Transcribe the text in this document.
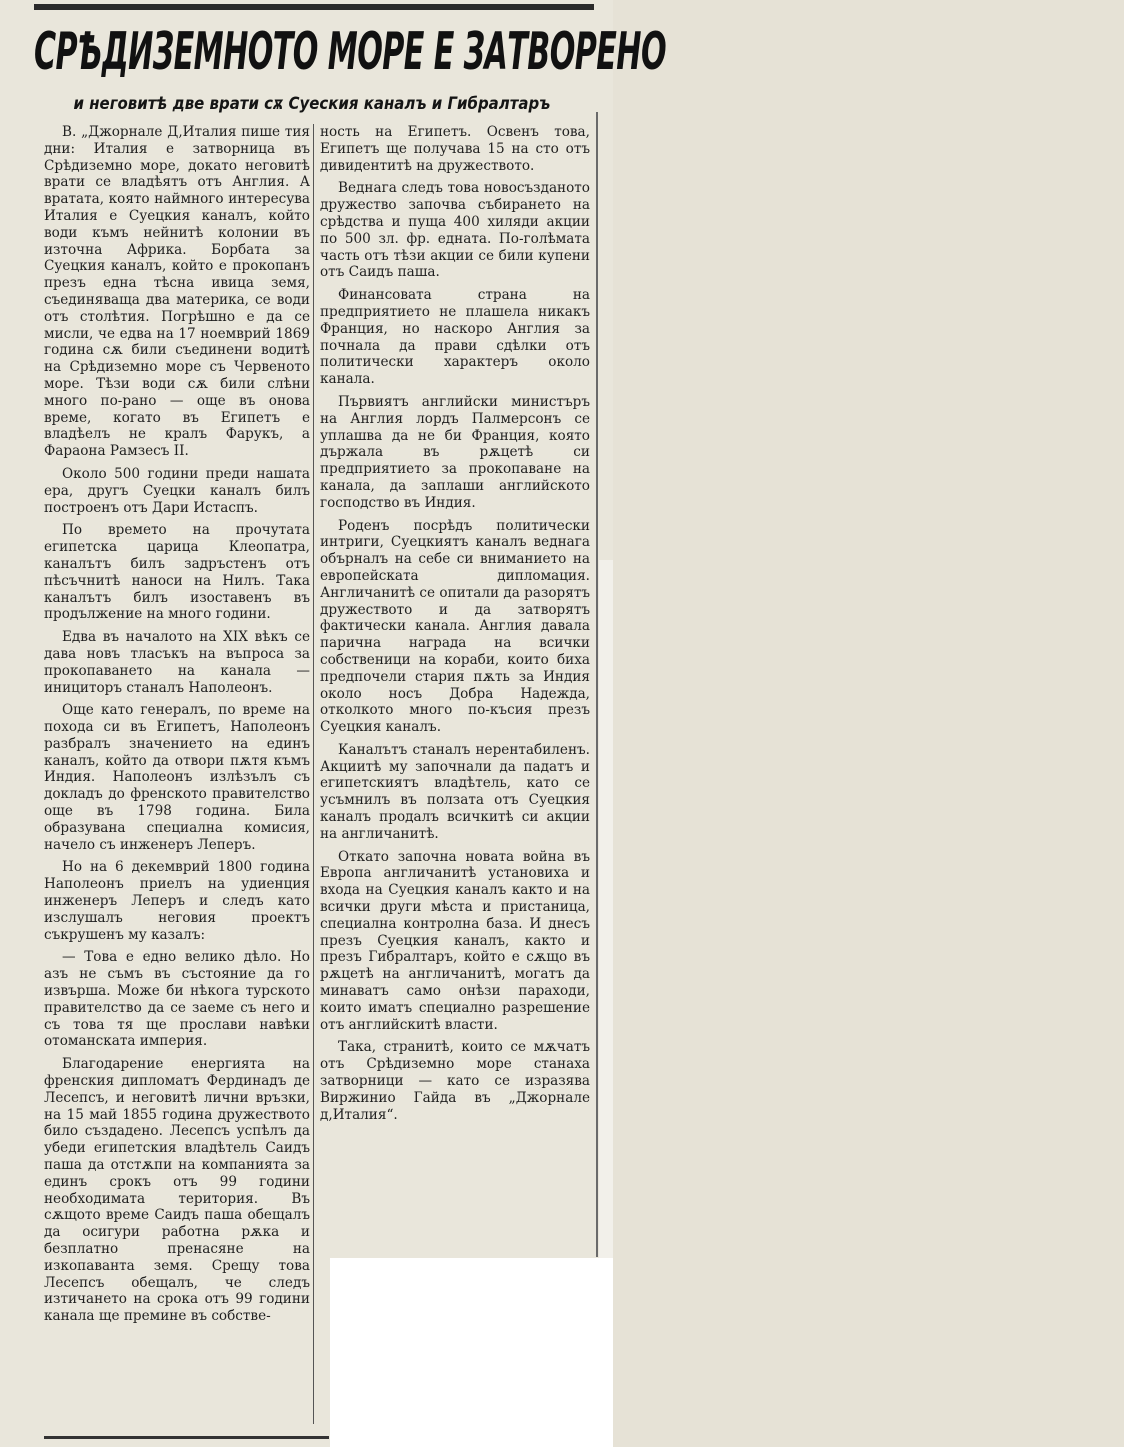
СРѢДИЗЕМНОТО МОРЕ Е ЗАТВОРЕНО
и неговитѣ две врати сѫ Суеския каналъ и Гибралтаръ

В. „Джорнале Д,Италия пише тия дни: Италия е затворница въ Срѣдиземно море, докато неговитѣ врати се владѣятъ отъ Англия. А вратата, която наймного интересува Италия е Суецкия каналъ, който води къмъ нейнитѣ колонии въ източна Африка. Борбата за Суецкия каналъ, който е прокопанъ презъ една тѣсна ивица земя, съединяваща два материка, се води отъ столѣтия. Погрѣшно е да се мисли, че едва на 17 ноемврий 1869 година сѫ били съединени водитѣ на Срѣдиземно море съ Червеното море. Тѣзи води сѫ били слѣни много по-рано — още въ онова време, когато въ Египетъ е владѣелъ не кралъ Фарукъ, а Фараона Рамзесъ II.

Около 500 години преди нашата ера, другъ Суецки каналъ билъ построенъ отъ Дари Истаспъ.

По времето на прочутата египетска царица Клеопатра, каналътъ билъ задръстенъ отъ пѣсъчнитѣ наноси на Нилъ. Така каналътъ билъ изоставенъ въ продължение на много години.

Едва въ началото на XIX вѣкъ се дава новъ тласъкъ на въпроса за прокопаването на канала — инициторъ станалъ Наполеонъ.

Още като генералъ, по време на похода си въ Египетъ, Наполеонъ разбралъ значението на единъ каналъ, който да отвори пѫтя къмъ Индия. Наполеонъ излѣзълъ съ докладъ до френското правителство още въ 1798 година. Била образувана специална комисия, начело съ инженеръ Леперъ.

Но на 6 декемврий 1800 година Наполеонъ приелъ на удиенция инженеръ Леперъ и следъ като изслушалъ неговия проектъ съкрушенъ му казалъ:

— Това е едно велико дѣло. Но азъ не съмъ въ състояние да го извърша. Може би нѣкога турското правителство да се заеме съ него и съ това тя ще прослави навѣки отоманската империя.

Благодарение енергията на френския дипломатъ Фердинадъ де Лесепсъ, и неговитѣ лични връзки, на 15 май 1855 година дружеството било създадено. Лесепсъ успѣлъ да убеди египетския владѣтель Саидъ паша да отстѫпи на компанията за единъ срокъ отъ 99 години необходимата територия. Въ сѫщото време Саидъ паша обещалъ да осигури работна рѫка и безплатно пренасяне на изкопаванта земя. Срещу това Лесепсъ обещалъ, че следъ изтичането на срока отъ 99 години канала ще премине въ собстве-

ность на Египетъ. Освенъ това, Египетъ ще получава 15 на сто отъ дивидентитѣ на дружеството.

Веднага следъ това новосъзданото дружество започва събирането на срѣдства и пуща 400 хиляди акции по 500 зл. фр. едната. По-голѣмата часть отъ тѣзи акции се били купени отъ Саидъ паша.

Финансовата страна на предприятието не плашела никакъ Франция, но наскоро Англия за почнала да прави сдѣлки отъ политически характеръ около канала.

Първиятъ английски министъръ на Англия лордъ Палмерсонъ се уплашва да не би Франция, която държала въ рѫцетѣ си предприятието за прокопаване на канала, да заплаши английското господство въ Индия.

Роденъ посрѣдъ политически интриги, Суецкиятъ каналъ веднага обърналъ на себе си вниманието на европейската дипломация. Англичанитѣ се опитали да разорятъ дружеството и да затворятъ фактически канала. Англия давала парична награда на всички собственици на кораби, които биха предпочели стария пѫть за Индия около носъ Добра Надежда, отколкото много по-късия презъ Суецкия каналъ.

Каналътъ станалъ нерентабиленъ. Акциитѣ му започнали да падатъ и египетскиятъ владѣтель, като се усъмнилъ въ ползата отъ Суецкия каналъ продалъ всичкитѣ си акции на англичанитѣ.

Откато започна новата война въ Европа англичанитѣ установиха и входа на Суецкия каналъ както и на всички други мѣста и пристаница, специална контролна база. И днесъ презъ Суецкия каналъ, както и презъ Гибралтаръ, който е сѫщо въ рѫцетѣ на англичанитѣ, могатъ да минаватъ само онѣзи параходи, които иматъ специално разрешение отъ английскитѣ власти.

Така, странитѣ, които се мѫчатъ отъ Срѣдиземно море станаха затворници — като се изразява Виржинио Гайда въ „Джорнале д,Италия“.
